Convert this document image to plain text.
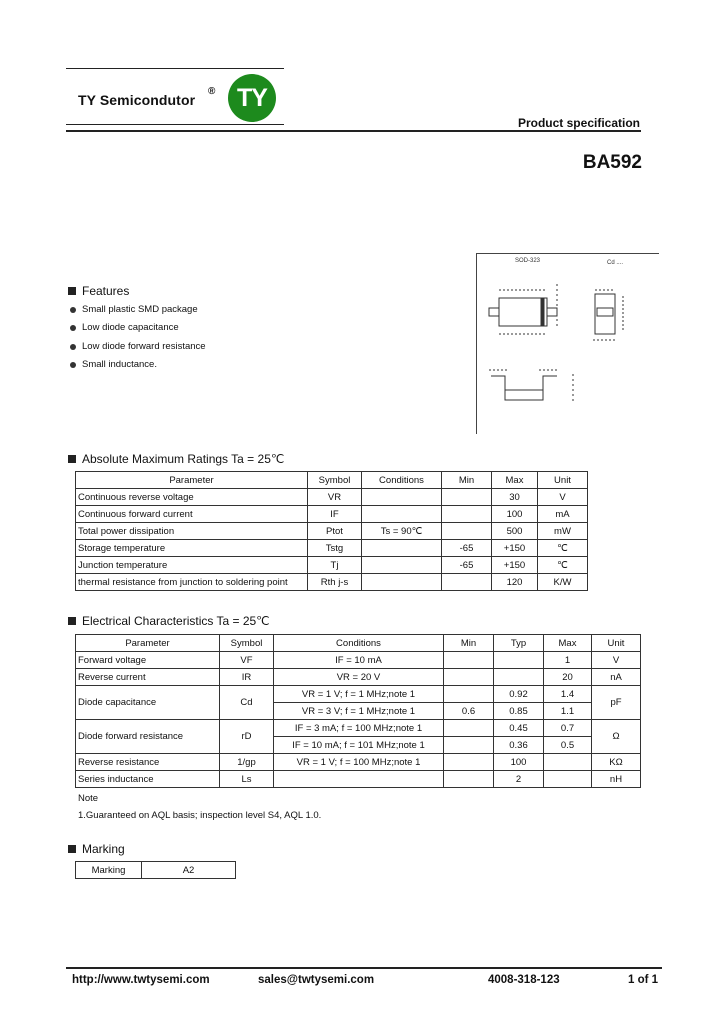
TY Semicondutor
® TY
Product specification
BA592
SOD-323	Cd ....
Features
Small plastic SMD package
Low diode capacitance
Low diode forward resistance
Small inductance.
Absolute Maximum Ratings Ta = 25℃
Parameter	Symbol	Conditions	Min	Max	Unit
Continuous reverse voltage	VR			30	V
Continuous forward current	IF			100	mA
Total power dissipation	Ptot	Ts = 90℃		500	mW
Storage temperature	Tstg		-65	+150	℃
Junction temperature	Tj		-65	+150	℃
thermal resistance from junction to soldering point	Rth j-s			120	K/W
Electrical Characteristics Ta = 25℃
Parameter	Symbol	Conditions	Min	Typ	Max	Unit
Forward voltage	VF	IF = 10 mA			1	V
Reverse current	IR	VR = 20 V			20	nA
Diode capacitance	Cd	VR = 1 V; f = 1 MHz;note 1		0.92	1.4	pF
		VR = 3 V; f = 1 MHz;note 1	0.6	0.85	1.1	
Diode forward resistance	rD	IF = 3 mA; f = 100 MHz;note 1		0.45	0.7	Ω
		IF = 10 mA; f = 101 MHz;note 1		0.36	0.5	
Reverse resistance	1/gp	VR = 1 V; f = 100 MHz;note 1		100		KΩ
Series inductance	Ls			2		nH
Note
1.Guaranteed on AQL basis; inspection level S4, AQL 1.0.
Marking
Marking	A2
http://www.twtysemi.com	sales@twtysemi.com	4008-318-123	1 of 1
